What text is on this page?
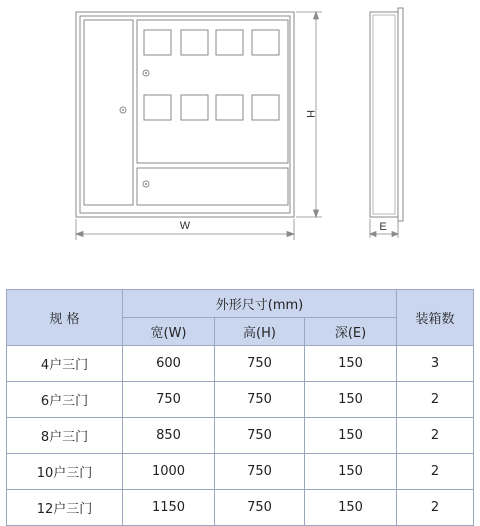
W
H
E
规 格	外形尺寸(mm)			装箱数
	宽(W)	高(H)	深(E)	
4户三门	600	750	150	3
6户三门	750	750	150	2
8户三门	850	750	150	2
10户三门	1000	750	150	2
12户三门	1150	750	150	2
